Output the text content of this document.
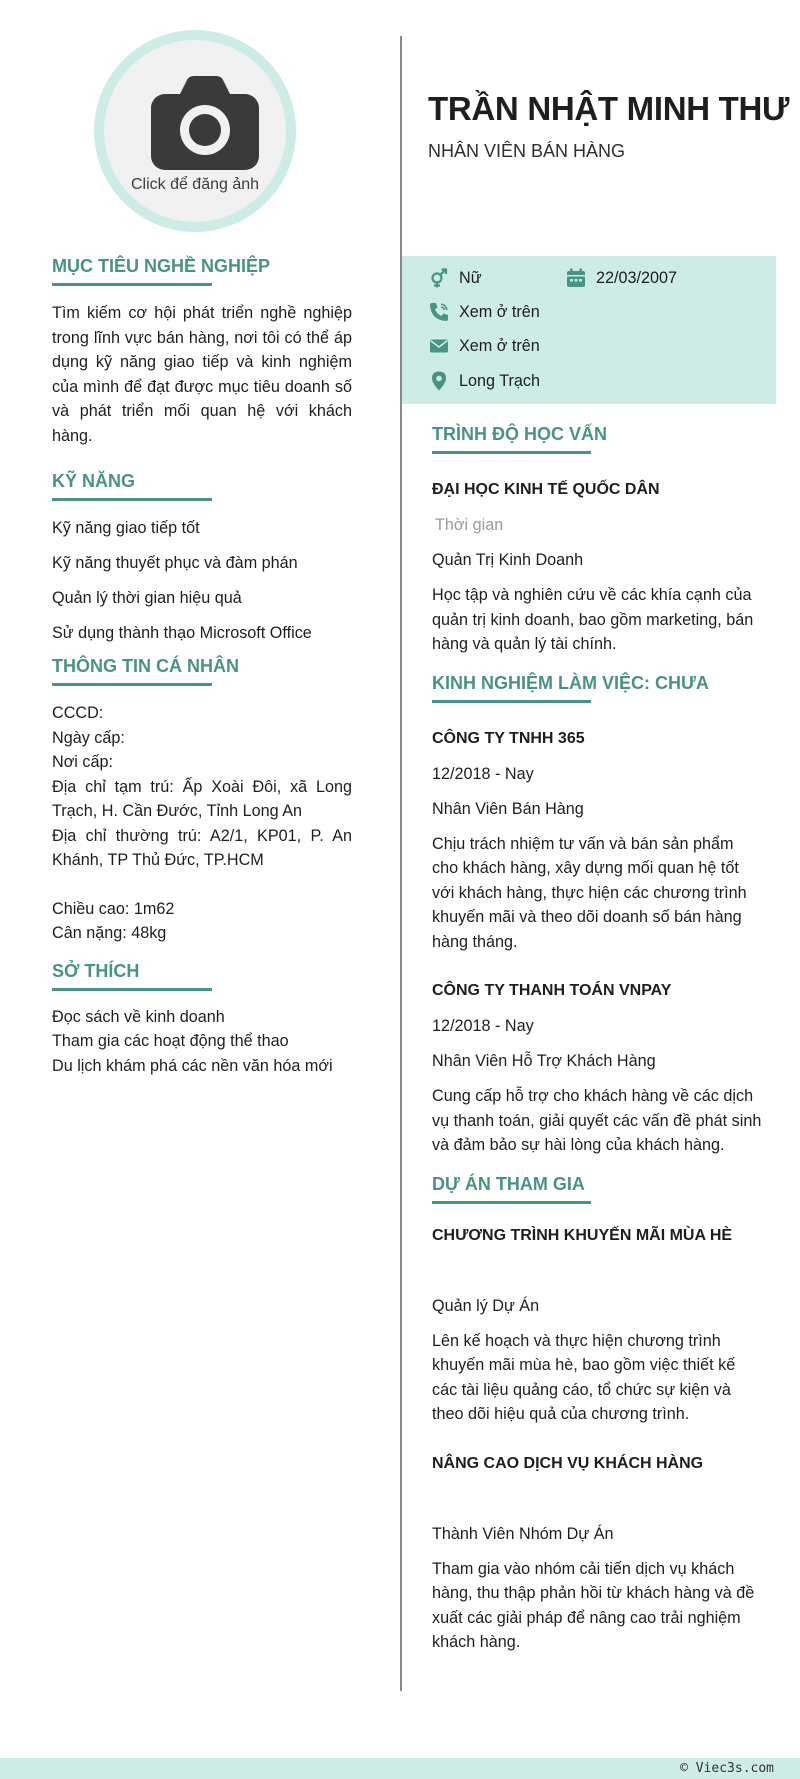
Click để đăng ảnh
TRẦN NHẬT MINH THƯ
NHÂN VIÊN BÁN HÀNG
Nữ	22/03/2007
Xem ở trên
Xem ở trên
Long Trạch
MỤC TIÊU NGHỀ NGHIỆP
Tìm kiếm cơ hội phát triển nghề nghiệp trong lĩnh vực bán hàng, nơi tôi có thể áp dụng kỹ năng giao tiếp và kinh nghiệm của mình để đạt được mục tiêu doanh số và phát triển mối quan hệ với khách hàng.
KỸ NĂNG
Kỹ năng giao tiếp tốt
Kỹ năng thuyết phục và đàm phán
Quản lý thời gian hiệu quả
Sử dụng thành thạo Microsoft Office
THÔNG TIN CÁ NHÂN
CCCD:
Ngày cấp:
Nơi cấp:
Địa chỉ tạm trú: Ấp Xoài Đôi, xã Long Trạch, H. Cần Đước, Tỉnh Long An
Địa chỉ thường trú: A2/1, KP01, P. An Khánh, TP Thủ Đức, TP.HCM
Chiều cao: 1m62
Cân nặng: 48kg
SỞ THÍCH
Đọc sách về kinh doanh
Tham gia các hoạt động thể thao
Du lịch khám phá các nền văn hóa mới
TRÌNH ĐỘ HỌC VẤN
ĐẠI HỌC KINH TẾ QUỐC DÂN
Thời gian
Quản Trị Kinh Doanh
Học tập và nghiên cứu về các khía cạnh của quản trị kinh doanh, bao gồm marketing, bán hàng và quản lý tài chính.
KINH NGHIỆM LÀM VIỆC: CHƯA
CÔNG TY TNHH 365
12/2018 - Nay
Nhân Viên Bán Hàng
Chịu trách nhiệm tư vấn và bán sản phẩm cho khách hàng, xây dựng mối quan hệ tốt với khách hàng, thực hiện các chương trình khuyến mãi và theo dõi doanh số bán hàng hàng tháng.
CÔNG TY THANH TOÁN VNPAY
12/2018 - Nay
Nhân Viên Hỗ Trợ Khách Hàng
Cung cấp hỗ trợ cho khách hàng về các dịch vụ thanh toán, giải quyết các vấn đề phát sinh và đảm bảo sự hài lòng của khách hàng.
DỰ ÁN THAM GIA
CHƯƠNG TRÌNH KHUYẾN MÃI MÙA HÈ
Quản lý Dự Án
Lên kế hoạch và thực hiện chương trình khuyến mãi mùa hè, bao gồm việc thiết kế các tài liệu quảng cáo, tổ chức sự kiện và theo dõi hiệu quả của chương trình.
NÂNG CAO DỊCH VỤ KHÁCH HÀNG
Thành Viên Nhóm Dự Án
Tham gia vào nhóm cải tiến dịch vụ khách hàng, thu thập phản hồi từ khách hàng và đề xuất các giải pháp để nâng cao trải nghiệm khách hàng.
© Viec3s.com
